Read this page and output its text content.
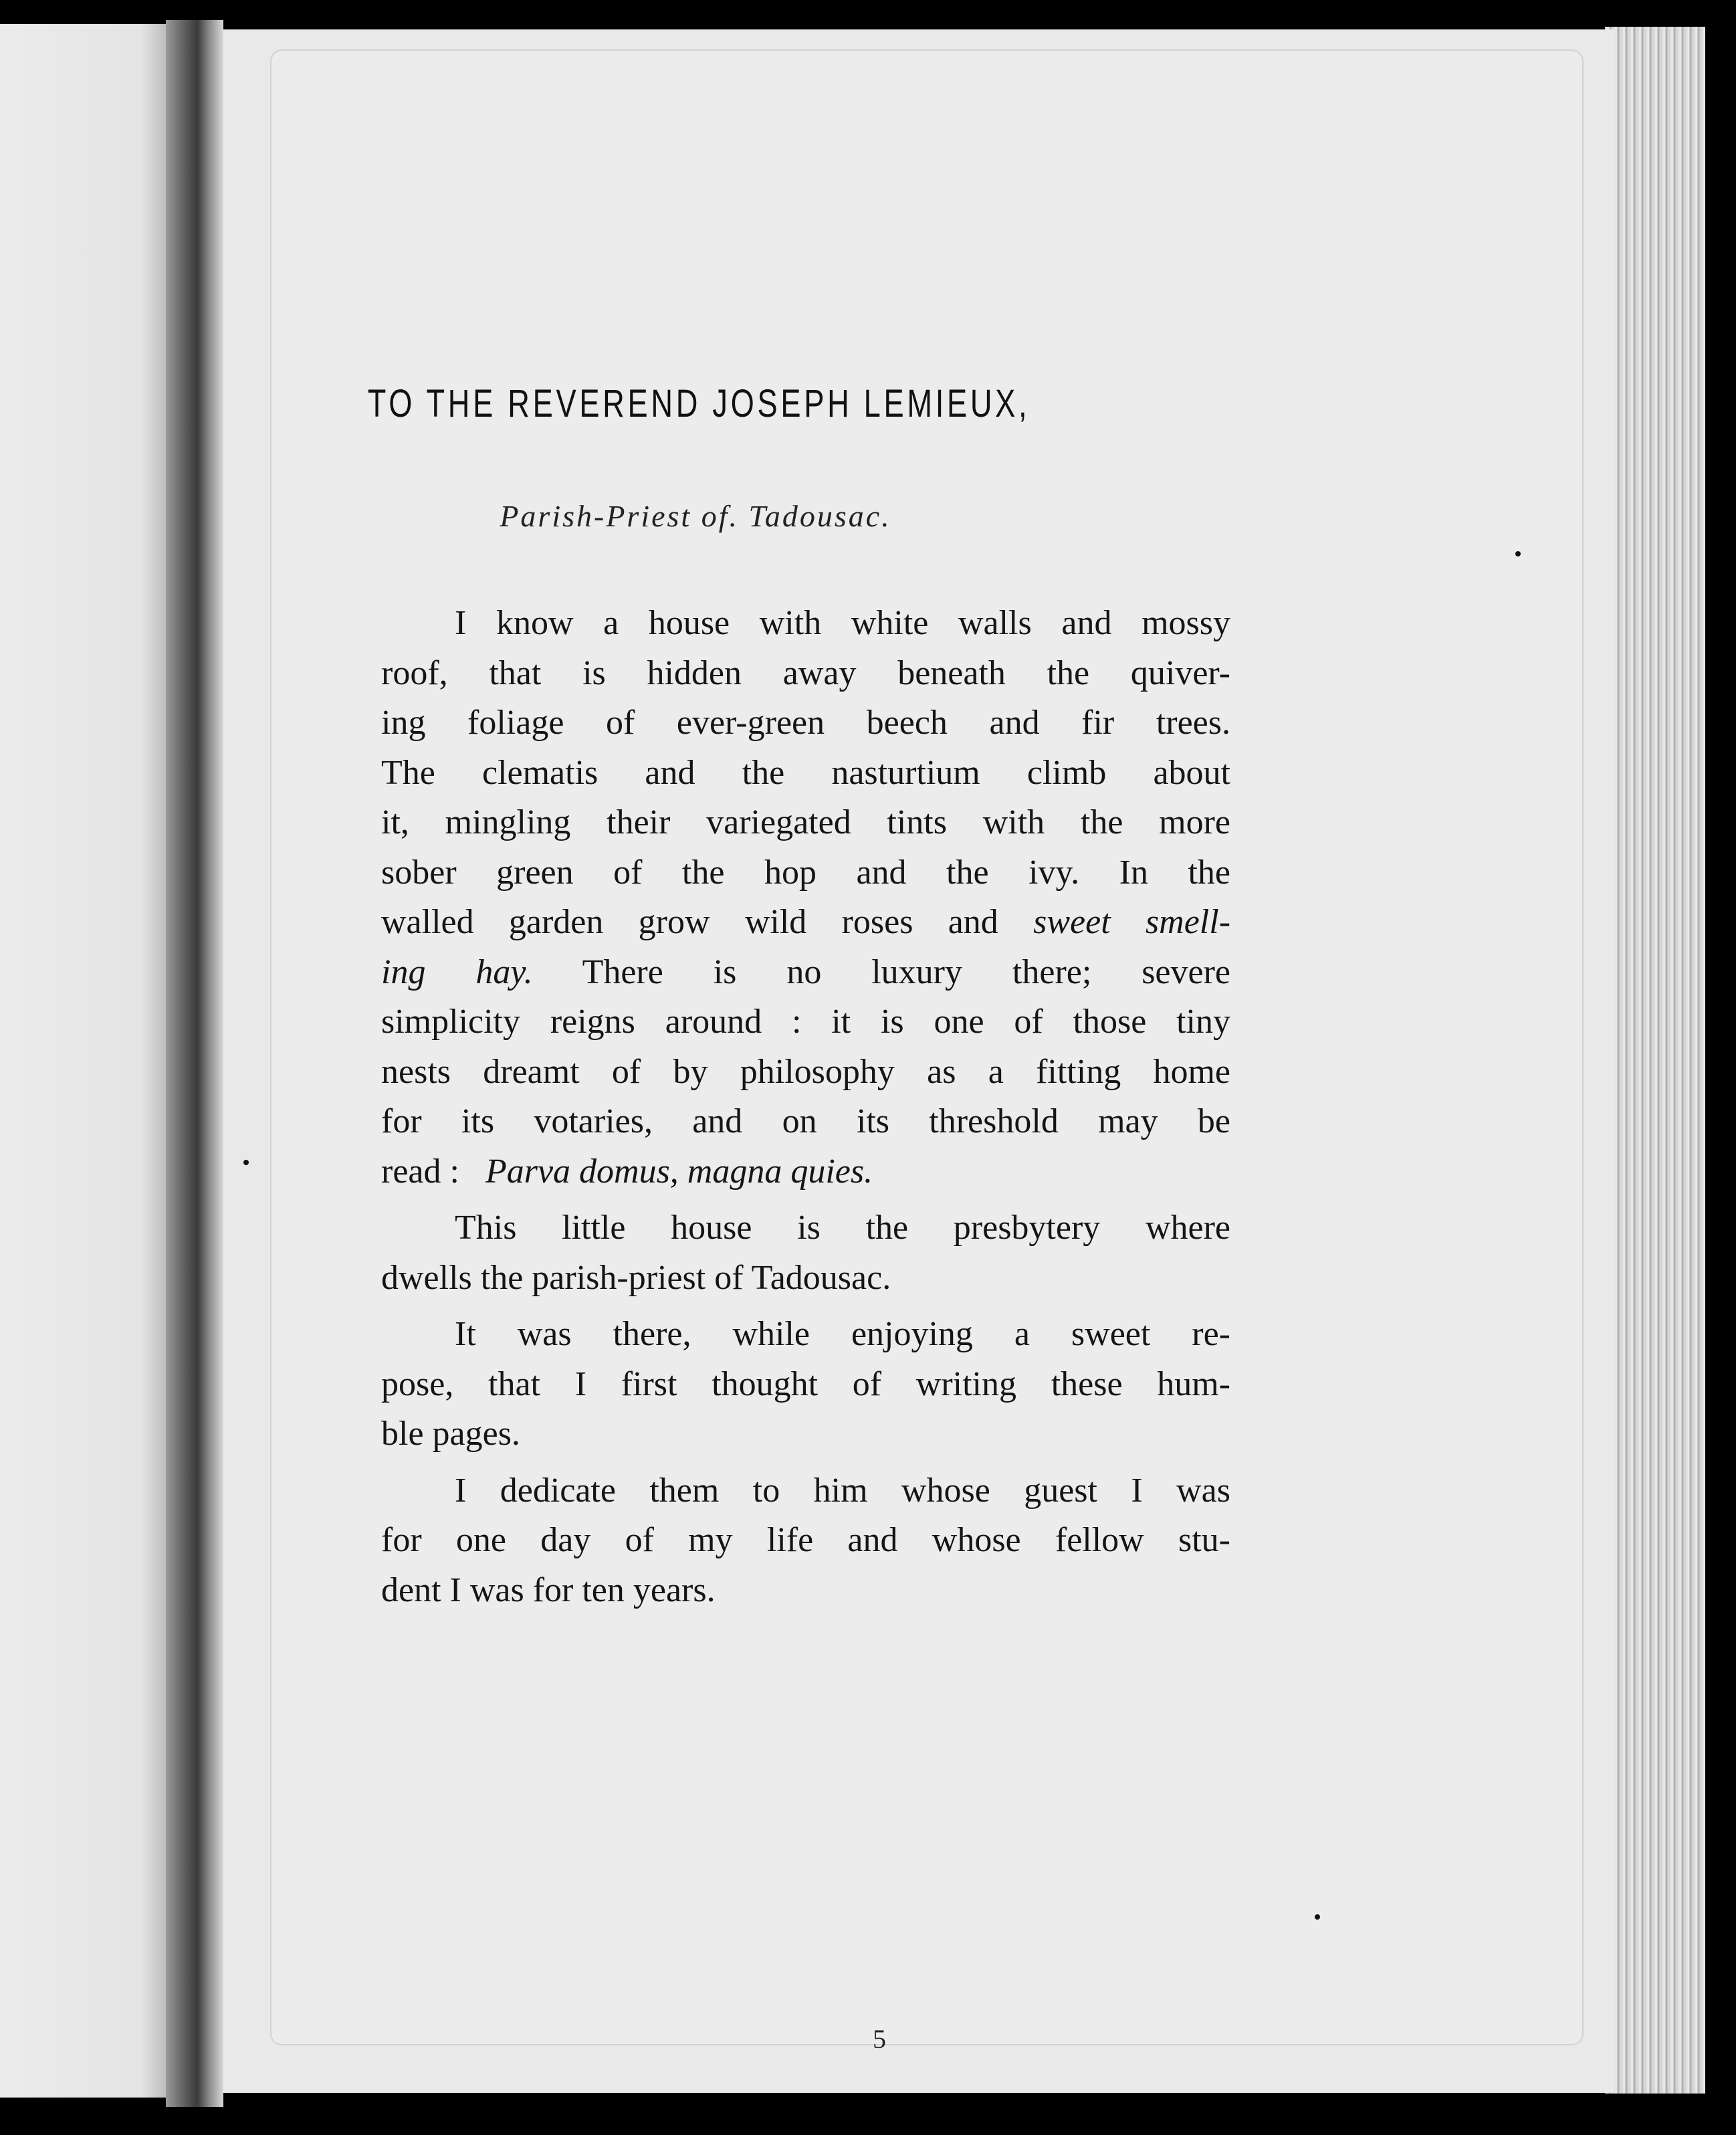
TO THE REVEREND JOSEPH LEMIEUX,
Parish-Priest of. Tadousac.

I know a house with white walls and mossy
roof, that is hidden away beneath the quiver-
ing foliage of ever-green beech and fir trees.
The clematis and the nasturtium climb about
it, mingling their variegated tints with the more
sober green of the hop and the ivy. In the
walled garden grow wild roses and sweet smell-
ing hay. There is no luxury there; severe
simplicity reigns around : it is one of those tiny
nests dreamt of by philosophy as a fitting home
for its votaries, and on its threshold may be
read : Parva domus, magna quies.

This little house is the presbytery where
dwells the parish-priest of Tadousac.

It was there, while enjoying a sweet re-
pose, that I first thought of writing these hum-
ble pages.

I dedicate them to him whose guest I was
for one day of my life and whose fellow stu-
dent I was for ten years.

5
